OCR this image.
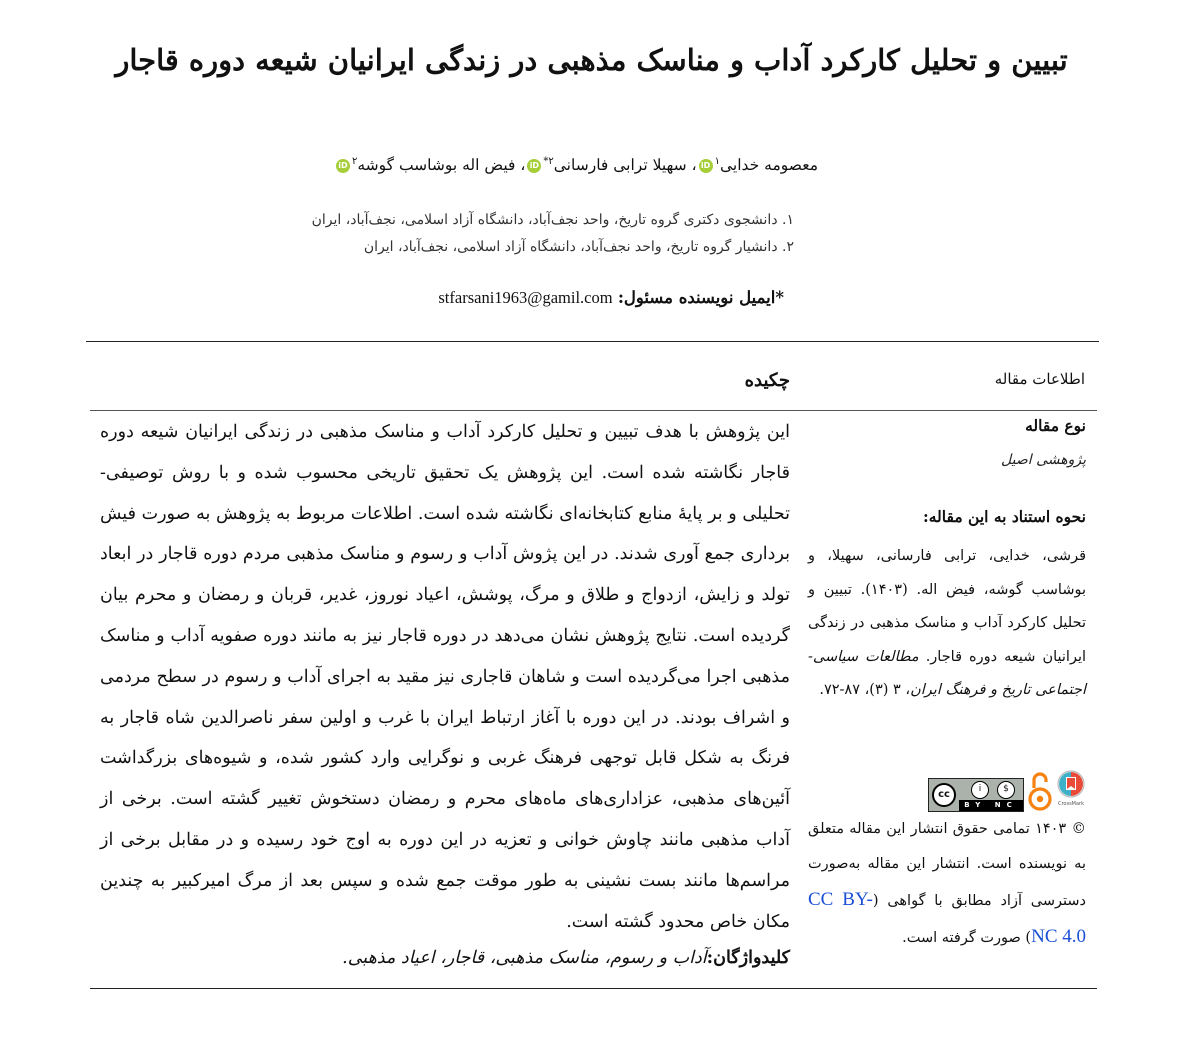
تبیین و تحلیل کارکرد آداب و مناسک مذهبی در زندگی ایرانیان شیعه دوره قاجار
معصومه خدایی$^۱$iD، سهیلا ترابی فارسانی$^{۲*}$iD، فیض اله بوشاسب گوشه$^۲$iD
۱. دانشجوی دکتری گروه تاریخ، واحد نجف‌آباد، دانشگاه آزاد اسلامی، نجف‌آباد، ایران
۲. دانشیار گروه تاریخ، واحد نجف‌آباد، دانشگاه آزاد اسلامی، نجف‌آباد، ایران
*ایمیل نویسنده مسئول: stfarsani1963@gamil.com
اطلاعات مقاله
چکیده
این پژوهش با هدف تبیین و تحلیل کارکرد آداب و مناسک مذهبی در زندگی ایرانیان شیعه دوره قاجار نگاشته شده است. این پژوهش یک تحقیق تاریخی محسوب شده و با روش توصیفی-تحلیلی و بر پایهٔ منابع کتابخانه‌ای نگاشته شده است. اطلاعات مربوط به پژوهش به صورت فیش برداری جمع آوری شدند. در این پژوش آداب و رسوم و مناسک مذهبی مردم دوره قاجار در ابعاد تولد و زایش، ازدواج و طلاق و مرگ، پوشش، اعیاد نوروز، غدیر، قربان و رمضان و محرم بیان گردیده است. نتایج پژوهش نشان می‌دهد در دوره قاجار نیز به مانند دوره صفویه آداب و مناسک مذهبی اجرا می‌گردیده است و شاهان قاجاری نیز مقید به اجرای آداب و رسوم در سطح مردمی و اشراف بودند. در این دوره با آغاز ارتباط ایران با غرب و اولین سفر ناصرالدین شاه قاجار به فرنگ به شکل قابل توجهی فرهنگ غربی و نوگرایی وارد کشور شده، و شیوه‌های بزرگداشت آئین‌های مذهبی، عزاداری‌های ماه‌های محرم و رمضان دستخوش تغییر گشته است. برخی از آداب مذهبی مانند چاوش خوانی و تعزیه در این دوره به اوج خود رسیده و در مقابل برخی از مراسم‌ها مانند بست نشینی به طور موقت جمع شده و سپس بعد از مرگ امیرکبیر به چندین مکان خاص محدود گشته است.
کلیدواژگان:آداب و رسوم، مناسک مذهبی، قاجار، اعیاد مذهبی.
نوع مقاله
پژوهشی اصیل
نحوه استناد به این مقاله:
قرشی، خدایی، ترابی فارسانی، سهیلا، و بوشاسب گوشه، فیض اله. (۱۴۰۳). تبیین و تحلیل کارکرد آداب و مناسک مذهبی در زندگی ایرانیان شیعه دوره قاجار. مطالعات سیاسی-اجتماعی تاریخ و فرهنگ ایران، ۳ (۳)، ۸۷-۷۲.
cc	i	$
BY NC	CrossMark
© ۱۴۰۳ تمامی حقوق انتشار این مقاله متعلق به نویسنده است. انتشار این مقاله به‌صورت دسترسی آزاد مطابق با گواهی (CC BY-NC 4.0) صورت گرفته است.
